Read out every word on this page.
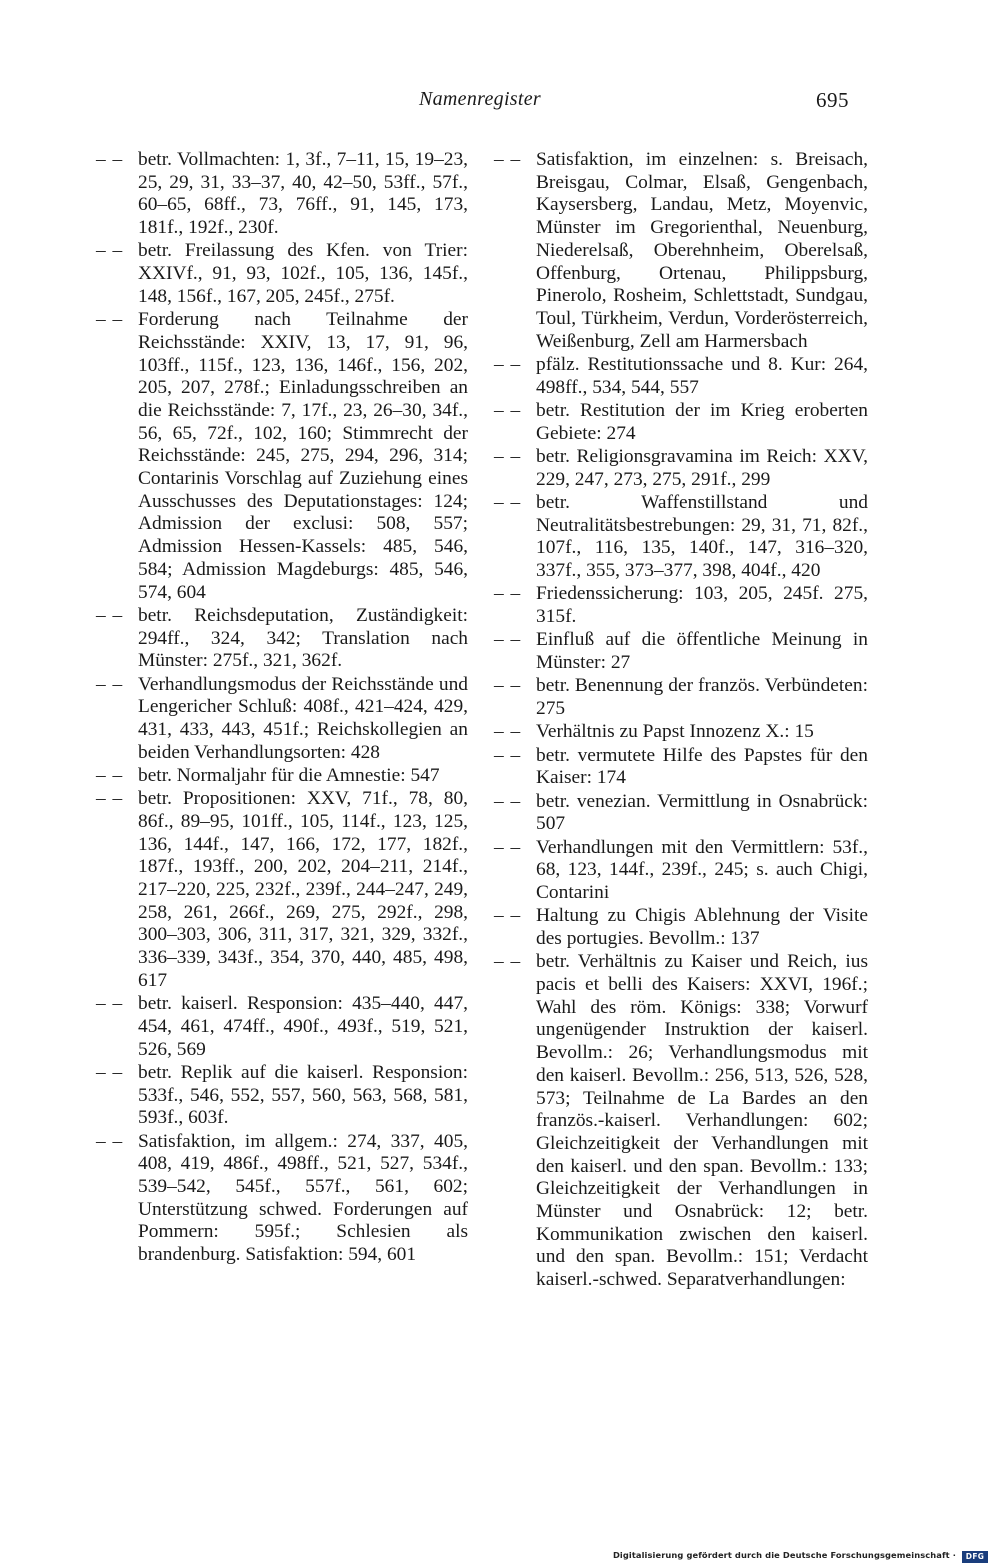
Namenregister	695
– – betr. Vollmachten: 1, 3f., 7–11, 15, 19–23, 25, 29, 31, 33–37, 40, 42–50, 53ff., 57f., 60–65, 68ff., 73, 76ff., 91, 145, 173, 181f., 192f., 230f.
– – betr. Freilassung des Kfen. von Trier: XXIVf., 91, 93, 102f., 105, 136, 145f., 148, 156f., 167, 205, 245f., 275f.
– – Forderung nach Teilnahme der Reichsstände: XXIV, 13, 17, 91, 96, 103ff., 115f., 123, 136, 146f., 156, 202, 205, 207, 278f.; Einladungsschreiben an die Reichsstände: 7, 17f., 23, 26–30, 34f., 56, 65, 72f., 102, 160; Stimmrecht der Reichsstände: 245, 275, 294, 296, 314; Contarinis Vorschlag auf Zuziehung eines Ausschusses des Deputationstages: 124; Admission der exclusi: 508, 557; Admission Hessen-Kassels: 485, 546, 584; Admission Magdeburgs: 485, 546, 574, 604
– – betr. Reichsdeputation, Zuständigkeit: 294ff., 324, 342; Translation nach Münster: 275f., 321, 362f.
– – Verhandlungsmodus der Reichsstände und Lengericher Schluß: 408f., 421–424, 429, 431, 433, 443, 451f.; Reichskollegien an beiden Verhandlungsorten: 428
– – betr. Normaljahr für die Amnestie: 547
– – betr. Propositionen: XXV, 71f., 78, 80, 86f., 89–95, 101ff., 105, 114f., 123, 125, 136, 144f., 147, 166, 172, 177, 182f., 187f., 193ff., 200, 202, 204–211, 214f., 217–220, 225, 232f., 239f., 244–247, 249, 258, 261, 266f., 269, 275, 292f., 298, 300–303, 306, 311, 317, 321, 329, 332f., 336–339, 343f., 354, 370, 440, 485, 498, 617
– – betr. kaiserl. Responsion: 435–440, 447, 454, 461, 474ff., 490f., 493f., 519, 521, 526, 569
– – betr. Replik auf die kaiserl. Responsion: 533f., 546, 552, 557, 560, 563, 568, 581, 593f., 603f.
– – Satisfaktion, im allgem.: 274, 337, 405, 408, 419, 486f., 498ff., 521, 527, 534f., 539–542, 545f., 557f., 561, 602; Unterstützung schwed. Forderungen auf Pommern: 595f.; Schlesien als brandenburg. Satisfaktion: 594, 601
– – Satisfaktion, im einzelnen: s. Breisach, Breisgau, Colmar, Elsaß, Gengenbach, Kaysersberg, Landau, Metz, Moyenvic, Münster im Gregorienthal, Neuenburg, Niederelsaß, Oberehnheim, Oberelsaß, Offenburg, Ortenau, Philippsburg, Pinerolo, Rosheim, Schlettstadt, Sundgau, Toul, Türkheim, Verdun, Vorderösterreich, Weißenburg, Zell am Harmersbach
– – pfälz. Restitutionssache und 8. Kur: 264, 498ff., 534, 544, 557
– – betr. Restitution der im Krieg eroberten Gebiete: 274
– – betr. Religionsgravamina im Reich: XXV, 229, 247, 273, 275, 291f., 299
– – betr. Waffenstillstand und Neutralitätsbestrebungen: 29, 31, 71, 82f., 107f., 116, 135, 140f., 147, 316–320, 337f., 355, 373–377, 398, 404f., 420
– – Friedenssicherung: 103, 205, 245f. 275, 315f.
– – Einfluß auf die öffentliche Meinung in Münster: 27
– – betr. Benennung der französ. Verbündeten: 275
– – Verhältnis zu Papst Innozenz X.: 15
– – betr. vermutete Hilfe des Papstes für den Kaiser: 174
– – betr. venezian. Vermittlung in Osnabrück: 507
– – Verhandlungen mit den Vermittlern: 53f., 68, 123, 144f., 239f., 245; s. auch Chigi, Contarini
– – Haltung zu Chigis Ablehnung der Visite des portugies. Bevollm.: 137
– – betr. Verhältnis zu Kaiser und Reich, ius pacis et belli des Kaisers: XXVI, 196f.; Wahl des röm. Königs: 338; Vorwurf ungenügender Instruktion der kaiserl. Bevollm.: 26; Verhandlungsmodus mit den kaiserl. Bevollm.: 256, 513, 526, 528, 573; Teilnahme de La Bardes an den französ.-kaiserl. Verhandlungen: 602; Gleichzeitigkeit der Verhandlungen mit den kaiserl. und den span. Bevollm.: 133; Gleichzeitigkeit der Verhandlungen in Münster und Osnabrück: 12; betr. Kommunikation zwischen den kaiserl. und den span. Bevollm.: 151; Verdacht kaiserl.-schwed. Separatverhandlungen:
Digitalisierung gefördert durch die Deutsche Forschungsgemeinschaft ·	DFG
